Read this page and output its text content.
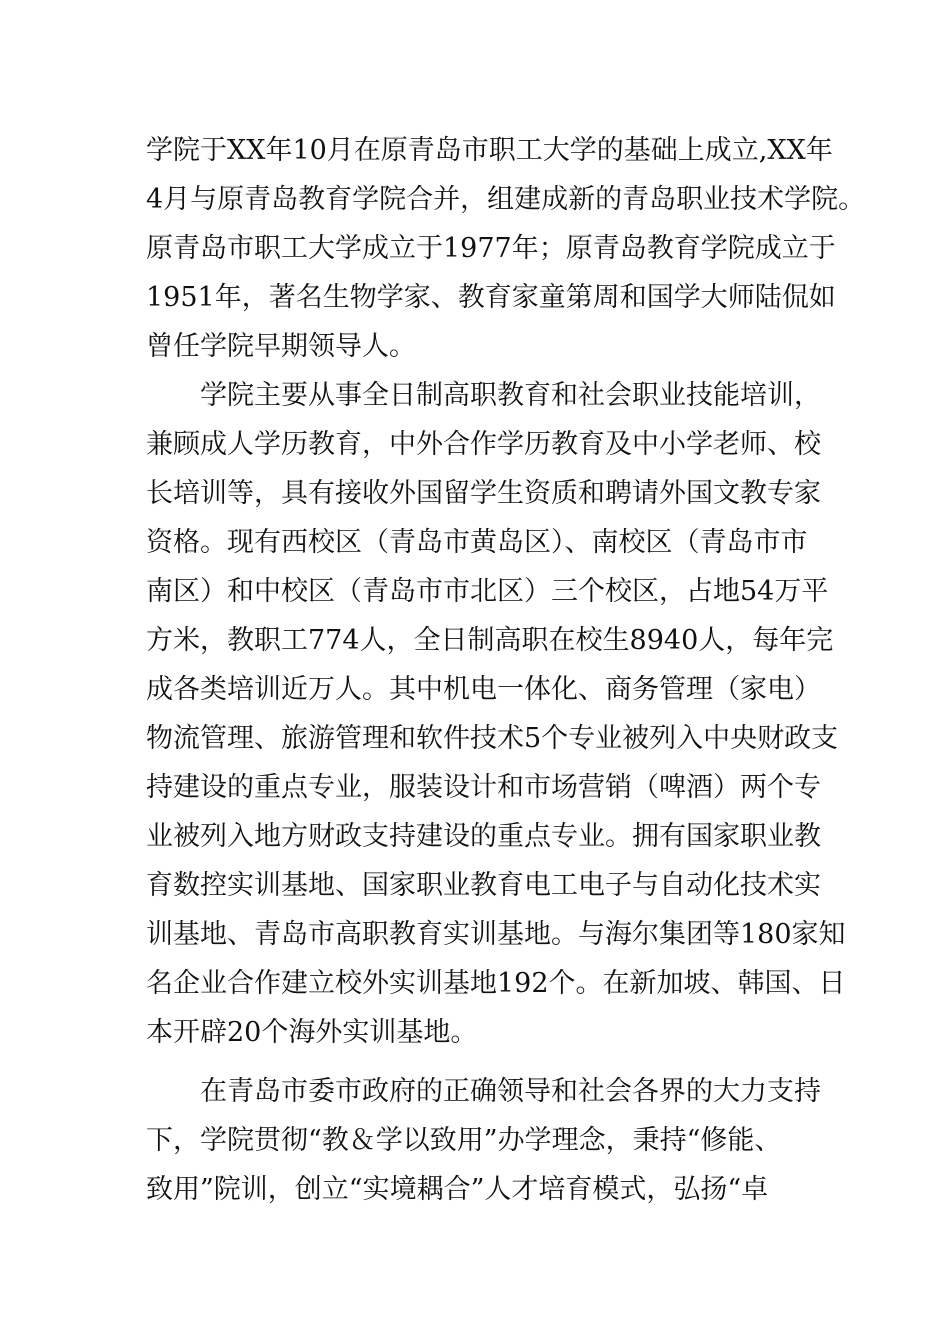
学院于XX年10月在原青岛市职工大学的基础上成立,XX年
4月与原青岛教育学院合并，组建成新的青岛职业技术学院。
原青岛市职工大学成立于1977年；原青岛教育学院成立于
1951年，著名生物学家、教育家童第周和国学大师陆侃如
曾任学院早期领导人。
学院主要从事全日制高职教育和社会职业技能培训，
兼顾成人学历教育，中外合作学历教育及中小学老师、校
长培训等，具有接收外国留学生资质和聘请外国文教专家
资格。现有西校区（青岛市黄岛区）、南校区（青岛市市
南区）和中校区（青岛市市北区）三个校区，占地54万平
方米，教职工774人，全日制高职在校生8940人，每年完
成各类培训近万人。其中机电一体化、商务管理（家电）
物流管理、旅游管理和软件技术5个专业被列入中央财政支
持建设的重点专业，服装设计和市场营销（啤酒）两个专
业被列入地方财政支持建设的重点专业。拥有国家职业教
育数控实训基地、国家职业教育电工电子与自动化技术实
训基地、青岛市高职教育实训基地。与海尔集团等180家知
名企业合作建立校外实训基地192个。在新加坡、韩国、日
本开辟20个海外实训基地。
在青岛市委市政府的正确领导和社会各界的大力支持
下，学院贯彻“教＆学以致用”办学理念，秉持“修能、
致用”院训，创立“实境耦合”人才培育模式，弘扬“卓
